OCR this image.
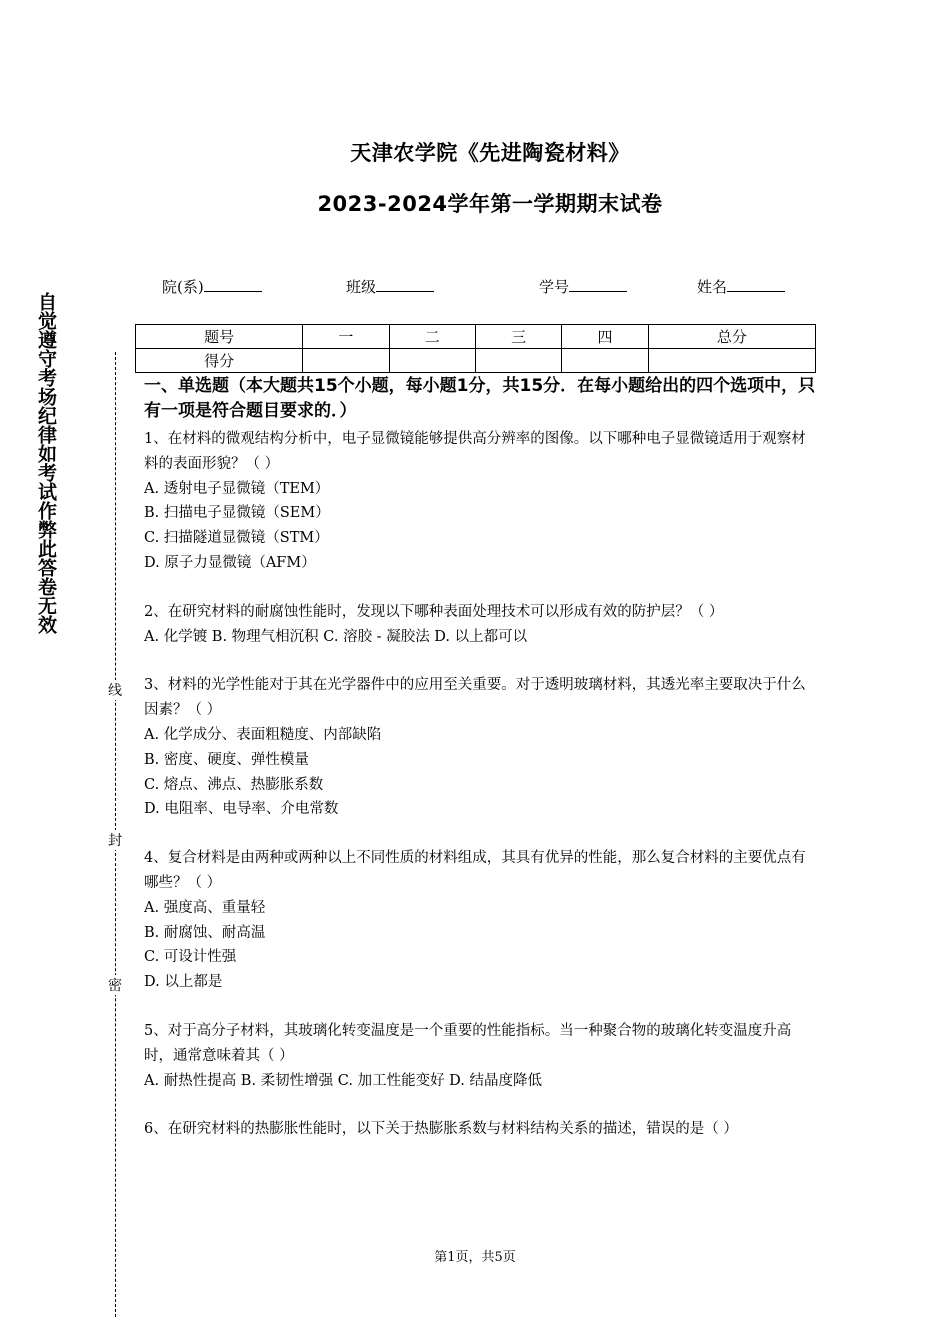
自觉遵守考场纪律如考试作弊此答卷无效
线
封
密
天津农学院《先进陶瓷材料》
2023-2024学年第一学期期末试卷
院(系)	班级	学号	姓名
题号	一	二	三	四	总分
得分					

一、单选题（本大题共15个小题，每小题1分，共15分．在每小题给出的四个选项中，只有一项是符合题目要求的．）

1、在材料的微观结构分析中，电子显微镜能够提供高分辨率的图像。以下哪种电子显微镜适用于观察材料的表面形貌？（ ）

A. 透射电子显微镜（TEM）

B. 扫描电子显微镜（SEM）

C. 扫描隧道显微镜（STM）

D. 原子力显微镜（AFM）

2、在研究材料的耐腐蚀性能时，发现以下哪种表面处理技术可以形成有效的防护层？（ ）

A. 化学镀 B. 物理气相沉积 C. 溶胶 - 凝胶法 D. 以上都可以

3、材料的光学性能对于其在光学器件中的应用至关重要。对于透明玻璃材料，其透光率主要取决于什么因素？（ ）

A. 化学成分、表面粗糙度、内部缺陷

B. 密度、硬度、弹性模量

C. 熔点、沸点、热膨胀系数

D. 电阻率、电导率、介电常数

4、复合材料是由两种或两种以上不同性质的材料组成，其具有优异的性能，那么复合材料的主要优点有哪些？（ ）

A. 强度高、重量轻

B. 耐腐蚀、耐高温

C. 可设计性强

D. 以上都是

5、对于高分子材料，其玻璃化转变温度是一个重要的性能指标。当一种聚合物的玻璃化转变温度升高时，通常意味着其（ ）

A. 耐热性提高 B. 柔韧性增强 C. 加工性能变好 D. 结晶度降低

6、在研究材料的热膨胀性能时，以下关于热膨胀系数与材料结构关系的描述，错误的是（ ）

第1页，共5页
